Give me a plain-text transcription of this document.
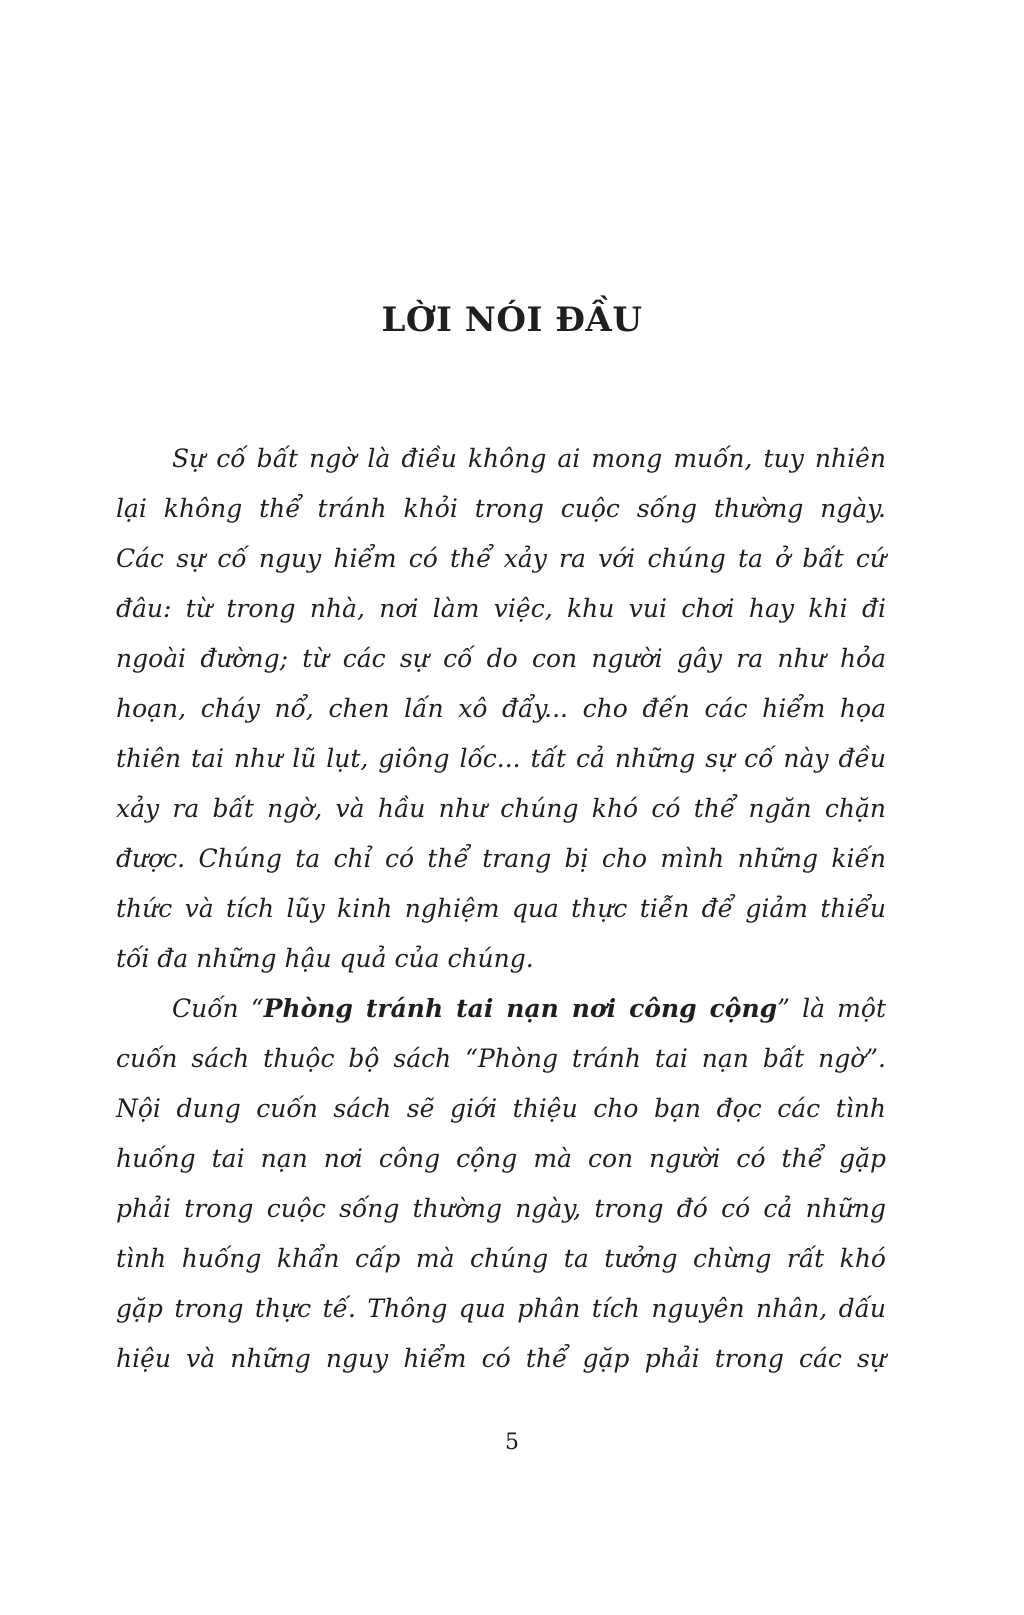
LỜI NÓI ĐẦU
Sự cố bất ngờ là điều không ai mong muốn, tuy nhiên
lại không thể tránh khỏi trong cuộc sống thường ngày.
Các sự cố nguy hiểm có thể xảy ra với chúng ta ở bất cứ
đâu: từ trong nhà, nơi làm việc, khu vui chơi hay khi đi
ngoài đường; từ các sự cố do con người gây ra như hỏa
hoạn, cháy nổ, chen lấn xô đẩy... cho đến các hiểm họa
thiên tai như lũ lụt, giông lốc... tất cả những sự cố này đều
xảy ra bất ngờ, và hầu như chúng khó có thể ngăn chặn
được. Chúng ta chỉ có thể trang bị cho mình những kiến
thức và tích lũy kinh nghiệm qua thực tiễn để giảm thiểu
tối đa những hậu quả của chúng.
Cuốn “Phòng tránh tai nạn nơi công cộng” là một
cuốn sách thuộc bộ sách “Phòng tránh tai nạn bất ngờ”.
Nội dung cuốn sách sẽ giới thiệu cho bạn đọc các tình
huống tai nạn nơi công cộng mà con người có thể gặp
phải trong cuộc sống thường ngày, trong đó có cả những
tình huống khẩn cấp mà chúng ta tưởng chừng rất khó
gặp trong thực tế. Thông qua phân tích nguyên nhân, dấu
hiệu và những nguy hiểm có thể gặp phải trong các sự
5
